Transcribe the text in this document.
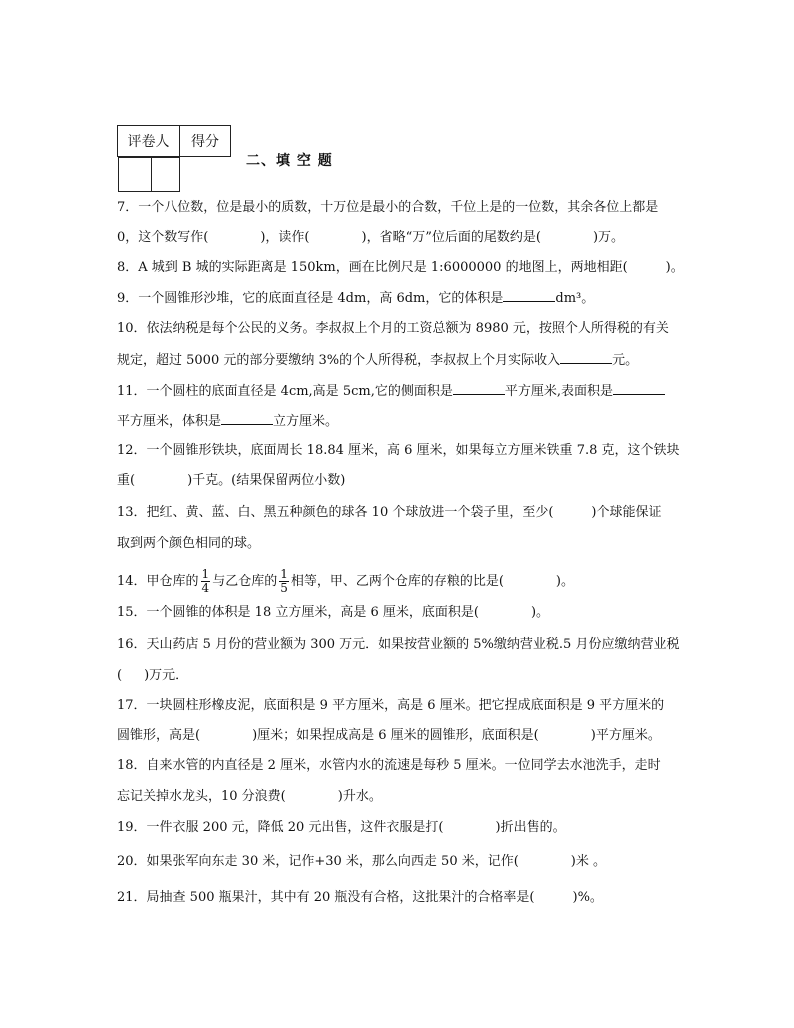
评卷人	得分

二、填 空 题
7．一个八位数，位是最小的质数，十万位是最小的合数，千位上是的一位数，其余各位上都是
0，这个数写作(	)，读作(	)，省略“万”位后面的尾数约是(	)万。
8．A 城到 B 城的实际距离是 150km，画在比例尺是 1:6000000 的地图上，两地相距(	)。
9．一个圆锥形沙堆，它的底面直径是 4dm，高 6dm，它的体积是	dm³。
10．依法纳税是每个公民的义务。李叔叔上个月的工资总额为 8980 元，按照个人所得税的有关
规定，超过 5000 元的部分要缴纳 3%的个人所得税，李叔叔上个月实际收入	元。
11．一个圆柱的底面直径是 4cm,高是 5cm,它的侧面积是	平方厘米,表面积是
平方厘米，体积是	立方厘米。
12．一个圆锥形铁块，底面周长 18.84 厘米，高 6 厘米，如果每立方厘米铁重 7.8 克，这个铁块
重(	)千克。(结果保留两位小数)
13．把红、黄、蓝、白、黑五种颜色的球各 10 个球放进一个袋子里，至少(	)个球能保证
取到两个颜色相同的球。
14．甲仓库的 $\frac{1}{4}$ 与乙仓库的 $\frac{1}{5}$ 相等，甲、乙两个仓库的存粮的比是(	)。
15．一个圆锥的体积是 18 立方厘米，高是 6 厘米，底面积是(	)。
16．天山药店 5 月份的营业额为 300 万元．如果按营业额的 5%缴纳营业税.5 月份应缴纳营业税
( )万元．
17．一块圆柱形橡皮泥，底面积是 9 平方厘米，高是 6 厘米。把它捏成底面积是 9 平方厘米的
圆锥形，高是(	)厘米；如果捏成高是 6 厘米的圆锥形，底面积是(	)平方厘米。
18．自来水管的内直径是 2 厘米，水管内水的流速是每秒 5 厘米。一位同学去水池洗手，走时
忘记关掉水龙头，10 分浪费(	)升水。
19．一件衣服 200 元，降低 20 元出售，这件衣服是打(	)折出售的。
20．如果张军向东走 30 米，记作+30 米，那么向西走 50 米，记作(	)米 。
21．局抽查 500 瓶果汁，其中有 20 瓶没有合格，这批果汁的合格率是(	)%。
